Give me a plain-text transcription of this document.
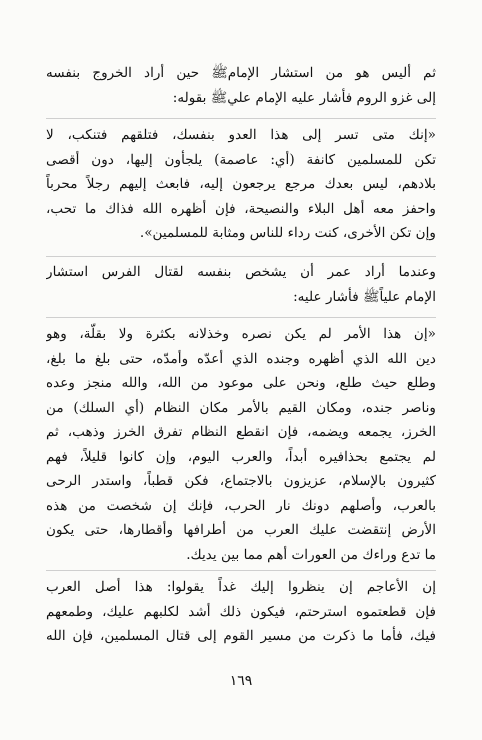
ثم أليس هو من استشار الإمامﷺ حين أراد الخروج بنفسه
إلى غزو الروم فأشار عليه الإمام عليﷺ بقوله:
«إنك متى تسر إلى هذا العدو بنفسك، فتلقهم فتنكب، لا
تكن للمسلمين كانفة (أي: عاصمة) يلجأون إليها، دون أقصى
بلادهم، ليس بعدك مرجع يرجعون إليه، فابعث إليهم رجلاً محرباً
واحفز معه أهل البلاء والنصيحة، فإن أظهره الله فذاك ما تحب،
وإن تكن الأخرى، كنت رداء للناس ومثابة للمسلمين».
وعندما أراد عمر أن يشخص بنفسه لقتال الفرس استشار
الإمام علياًﷺ فأشار عليه:
«إن هذا الأمر لم يكن نصره وخذلانه بكثرة ولا بقلّة، وهو
دين الله الذي أظهره وجنده الذي أعدّه وأمدّه، حتى بلغ ما بلغ،
وطلع حيث طلع، ونحن على موعود من الله، والله منجز وعده
وناصر جنده، ومكان القيم بالأمر مكان النظام (أي السلك) من
الخرز، يجمعه ويضمه، فإن انقطع النظام تفرق الخرز وذهب، ثم
لم يجتمع بحذافيره أبداً، والعرب اليوم، وإن كانوا قليلاً، فهم
كثيرون بالإسلام، عزيزون بالاجتماع، فكن قطباً، واستدر الرحى
بالعرب، وأصلهم دونك نار الحرب، فإنك إن شخصت من هذه
الأرض إنتقضت عليك العرب من أطرافها وأقطارها، حتى يكون
ما تدع وراءك من العورات أهم مما بين يديك.
إن الأعاجم إن ينظروا إليك غداً يقولوا: هذا أصل العرب
فإن قطعتموه استرحتم، فيكون ذلك أشد لكلبهم عليك، وطمعهم
فيك، فأما ما ذكرت من مسير القوم إلى قتال المسلمين، فإن الله
١٦٩
